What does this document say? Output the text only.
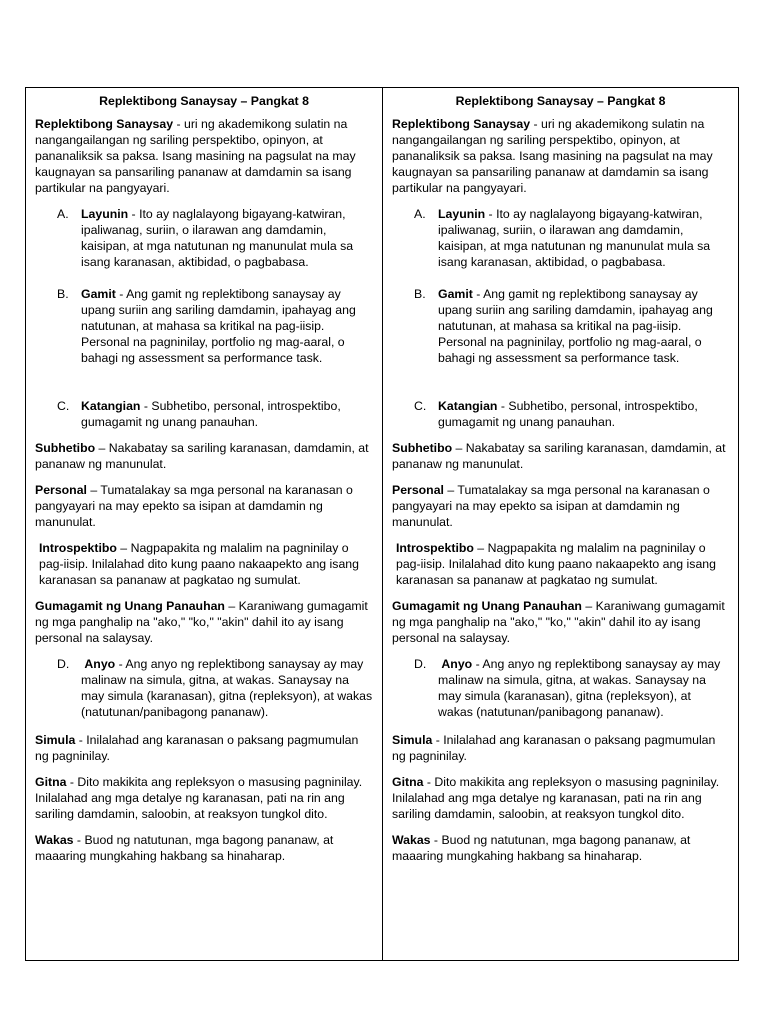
Replektibong Sanaysay – Pangkat 8

Replektibong Sanaysay - uri ng akademikong sulatin na nangangailangan ng sariling perspektibo, opinyon, at pananaliksik sa paksa. Isang masining na pagsulat na may kaugnayan sa pansariling pananaw at damdamin sa isang partikular na pangyayari.

A.	Layunin - Ito ay naglalayong bigayang-katwiran, ipaliwanag, suriin, o ilarawan ang damdamin, kaisipan, at mga natutunan ng manunulat mula sa isang karanasan, aktibidad, o pagbabasa.
B.	Gamit - Ang gamit ng replektibong sanaysay ay upang suriin ang sariling damdamin, ipahayag ang natutunan, at mahasa sa kritikal na pag-iisip. Personal na pagninilay, portfolio ng mag-aaral, o bahagi ng assessment sa performance task.
C. Katangian - Subhetibo, personal, introspektibo, gumagamit ng unang panauhan.

Subhetibo – Nakabatay sa sariling karanasan, damdamin, at pananaw ng manunulat.

Personal – Tumatalakay sa mga personal na karanasan o pangyayari na may epekto sa isipan at damdamin ng manunulat.

Introspektibo – Nagpapakita ng malalim na pagninilay o pag-iisip. Inilalahad dito kung paano nakaapekto ang isang karanasan sa pananaw at pagkatao ng sumulat.

Gumagamit ng Unang Panauhan – Karaniwang gumagamit ng mga panghalip na "ako," "ko," "akin" dahil ito ay isang personal na salaysay.

D.	Anyo - Ang anyo ng replektibong sanaysay ay may malinaw na simula, gitna, at wakas. Sanaysay na may simula (karanasan), gitna (repleksyon), at wakas (natutunan/panibagong pananaw).

Simula - Inilalahad ang karanasan o paksang pagmumulan ng pagninilay.

Gitna - Dito makikita ang repleksyon o masusing pagninilay. Inilalahad ang mga detalye ng karanasan, pati na rin ang sariling damdamin, saloobin, at reaksyon tungkol dito.

Wakas - Buod ng natutunan, mga bagong pananaw, at maaaring mungkahing hakbang sa hinaharap.

Replektibong Sanaysay – Pangkat 8

Replektibong Sanaysay - uri ng akademikong sulatin na nangangailangan ng sariling perspektibo, opinyon, at pananaliksik sa paksa. Isang masining na pagsulat na may kaugnayan sa pansariling pananaw at damdamin sa isang partikular na pangyayari.

A.	Layunin - Ito ay naglalayong bigayang-katwiran, ipaliwanag, suriin, o ilarawan ang damdamin, kaisipan, at mga natutunan ng manunulat mula sa isang karanasan, aktibidad, o pagbabasa.
B.	Gamit - Ang gamit ng replektibong sanaysay ay upang suriin ang sariling damdamin, ipahayag ang natutunan, at mahasa sa kritikal na pag-iisip. Personal na pagninilay, portfolio ng mag-aaral, o bahagi ng assessment sa performance task.
C. Katangian - Subhetibo, personal, introspektibo, gumagamit ng unang panauhan.

Subhetibo – Nakabatay sa sariling karanasan, damdamin, at pananaw ng manunulat.

Personal – Tumatalakay sa mga personal na karanasan o pangyayari na may epekto sa isipan at damdamin ng manunulat.

Introspektibo – Nagpapakita ng malalim na pagninilay o pag-iisip. Inilalahad dito kung paano nakaapekto ang isang karanasan sa pananaw at pagkatao ng sumulat.

Gumagamit ng Unang Panauhan – Karaniwang gumagamit ng mga panghalip na "ako," "ko," "akin" dahil ito ay isang personal na salaysay.

D.	Anyo - Ang anyo ng replektibong sanaysay ay may malinaw na simula, gitna, at wakas. Sanaysay na may simula (karanasan), gitna (repleksyon), at wakas (natutunan/panibagong pananaw).

Simula - Inilalahad ang karanasan o paksang pagmumulan ng pagninilay.

Gitna - Dito makikita ang repleksyon o masusing pagninilay. Inilalahad ang mga detalye ng karanasan, pati na rin ang sariling damdamin, saloobin, at reaksyon tungkol dito.

Wakas - Buod ng natutunan, mga bagong pananaw, at maaaring mungkahing hakbang sa hinaharap.
